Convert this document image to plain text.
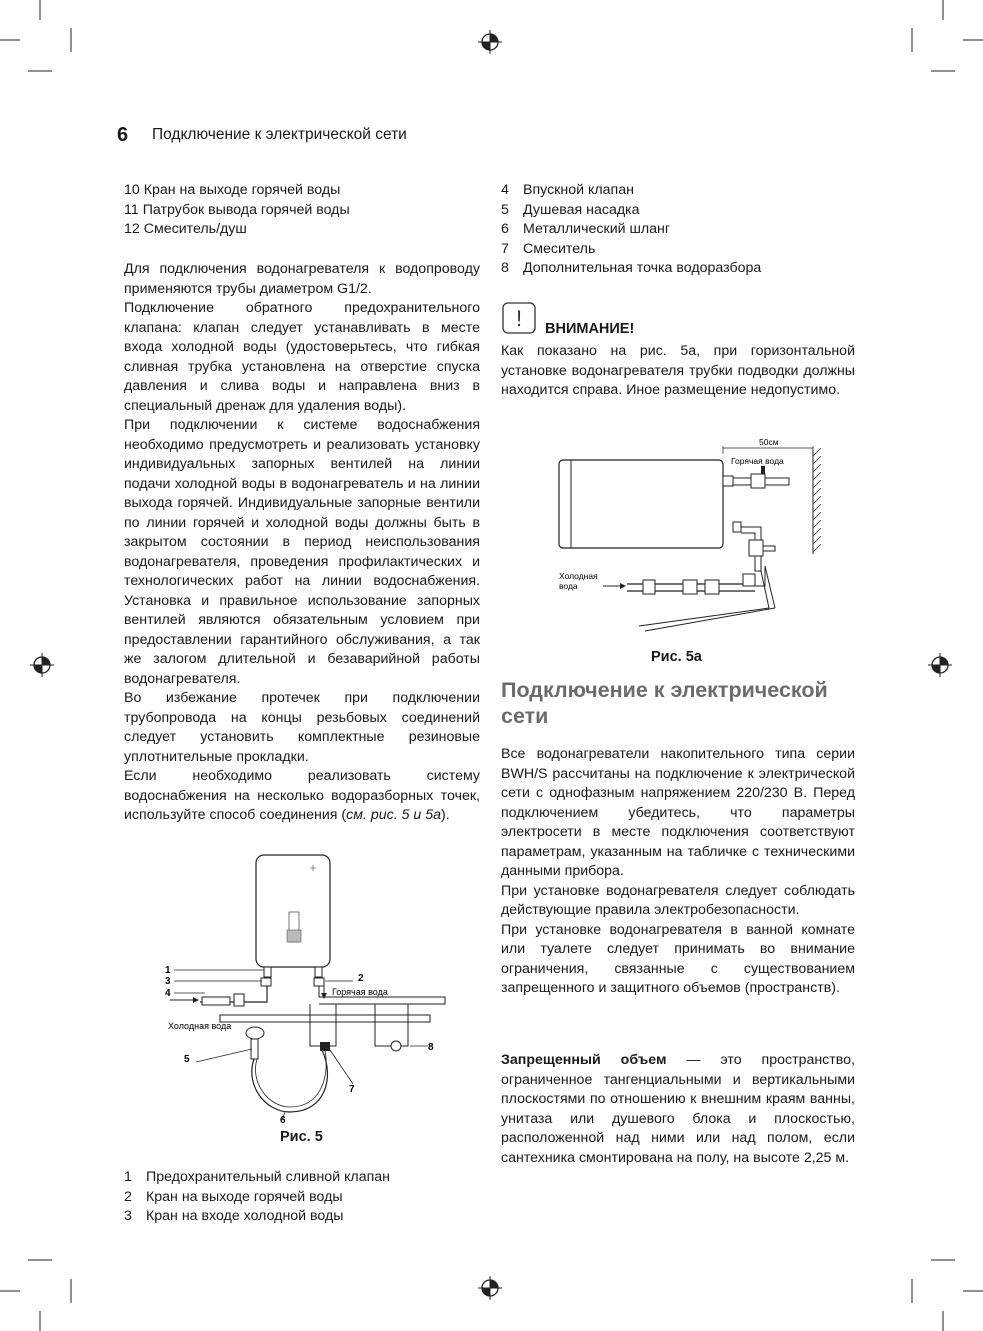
6 Подключение к электрической сети
10 Кран на выходе горячей воды
11 Патрубок вывода горячей воды
12 Смеситель/душ

Для подключения водонагревателя к водопроводу применяются трубы диаметром G1/2.

Подключение обратного предохранительного клапана: клапан следует устанавливать в месте входа холодной воды (удостоверьтесь, что гибкая сливная трубка установлена на отверстие спуска давления и слива воды и направлена вниз в специальный дренаж для удаления воды).

При подключении к системе водоснабжения необходимо предусмотреть и реализовать установку индивидуальных запорных вентилей на линии подачи холодной воды в водонагреватель и на линии выхода горячей. Индивидуальные запорные вентили по линии горячей и холодной воды должны быть в закрытом состоянии в период неиспользования водонагревателя, проведения профилактических и технологических работ на линии водоснабжения. Установка и правильное использование запорных вентилей являются обязательным условием при предоставлении гарантийного обслуживания, а так же залогом длительной и безаварийной работы водонагревателя.

Во избежание протечек при подключении трубопровода на концы резьбовых соединений следует установить комплектные резиновые уплотнительные прокладки.

Если необходимо реализовать систему водоснабжения на несколько водоразборных точек, используйте способ соединения (см. рис. 5 и 5а).

1
3
4
2
Горячая вода
Холодная вода
5
7
8
6
Рис. 5
1 Предохранительный сливной клапан
2 Кран на выходе горячей воды
3 Кран на входе холодной воды
4 Впускной клапан
5 Душевая насадка
6 Металлический шланг
7 Смеситель
8 Дополнительная точка водоразбора
! ВНИМАНИЕ!

Как показано на рис. 5а, при горизонтальной установке водонагревателя трубки подводки должны находится справа. Иное размещение недопустимо.

50см
Горячая вода
Холодная
вода
Рис. 5а
Подключение к электрической
сети

Все водонагреватели накопительного типа серии BWH/S рассчитаны на подключение к электрической сети с однофазным напряжением 220/230 В. Перед подключением убедитесь, что параметры электросети в месте подключения соответствуют параметрам, указанным на табличке с техническими данными прибора.

При установке водонагревателя следует соблюдать действующие правила электробезопасности.

При установке водонагревателя в ванной комнате или туалете следует принимать во внимание ограничения, связанные с существованием запрещенного и защитного объемов (пространств).

Запрещенный объем — это пространство, ограниченное тангенциальными и вертикальными плоскостями по отношению к внешним краям ванны, унитаза или душевого блока и плоскостью, расположенной над ними или над полом, если сантехника смонтирована на полу, на высоте 2,25 м.
